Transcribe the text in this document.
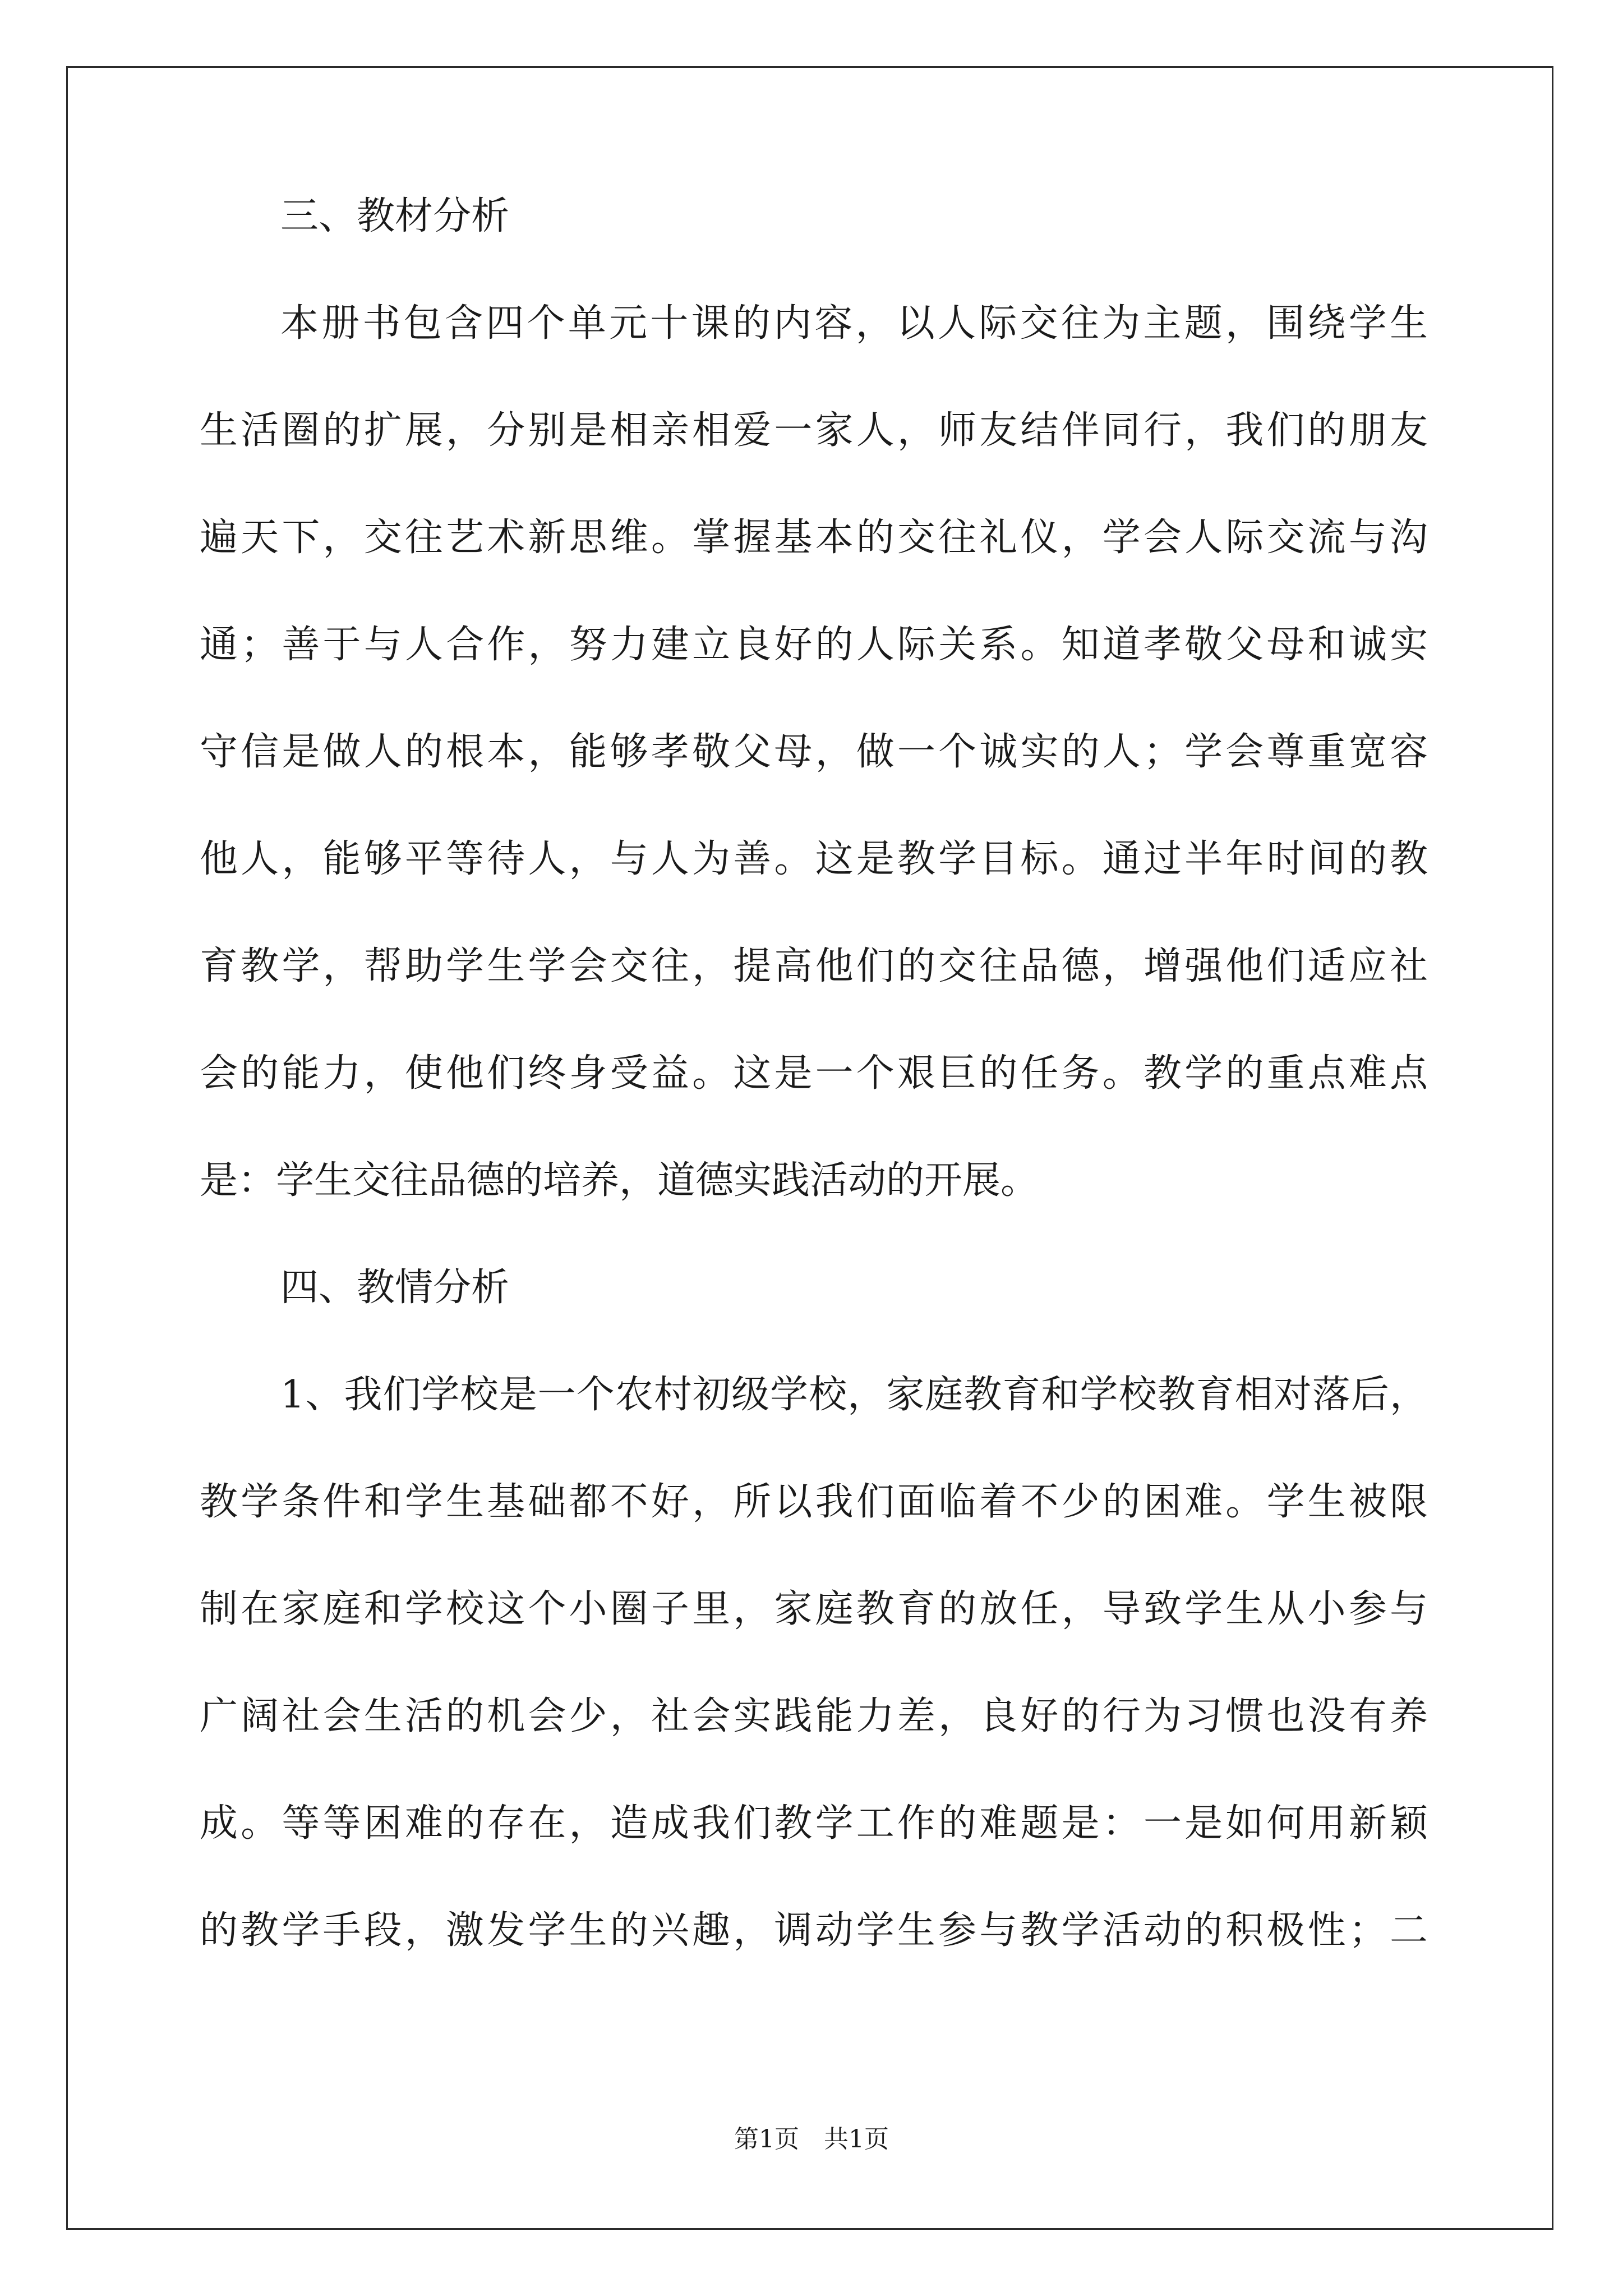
三、教材分析
本册书包含四个单元十课的内容，以人际交往为主题，围绕学生
生活圈的扩展，分别是相亲相爱一家人，师友结伴同行，我们的朋友
遍天下，交往艺术新思维。掌握基本的交往礼仪，学会人际交流与沟
通；善于与人合作，努力建立良好的人际关系。知道孝敬父母和诚实
守信是做人的根本，能够孝敬父母，做一个诚实的人；学会尊重宽容
他人，能够平等待人，与人为善。这是教学目标。通过半年时间的教
育教学，帮助学生学会交往，提高他们的交往品德，增强他们适应社
会的能力，使他们终身受益。这是一个艰巨的任务。教学的重点难点
是：学生交往品德的培养，道德实践活动的开展。
四、教情分析
1、我们学校是一个农村初级学校，家庭教育和学校教育相对落后，
教学条件和学生基础都不好，所以我们面临着不少的困难。学生被限
制在家庭和学校这个小圈子里，家庭教育的放任，导致学生从小参与
广阔社会生活的机会少，社会实践能力差，良好的行为习惯也没有养
成。等等困难的存在，造成我们教学工作的难题是：一是如何用新颖
的教学手段，激发学生的兴趣，调动学生参与教学活动的积极性；二
第1页　共1页
